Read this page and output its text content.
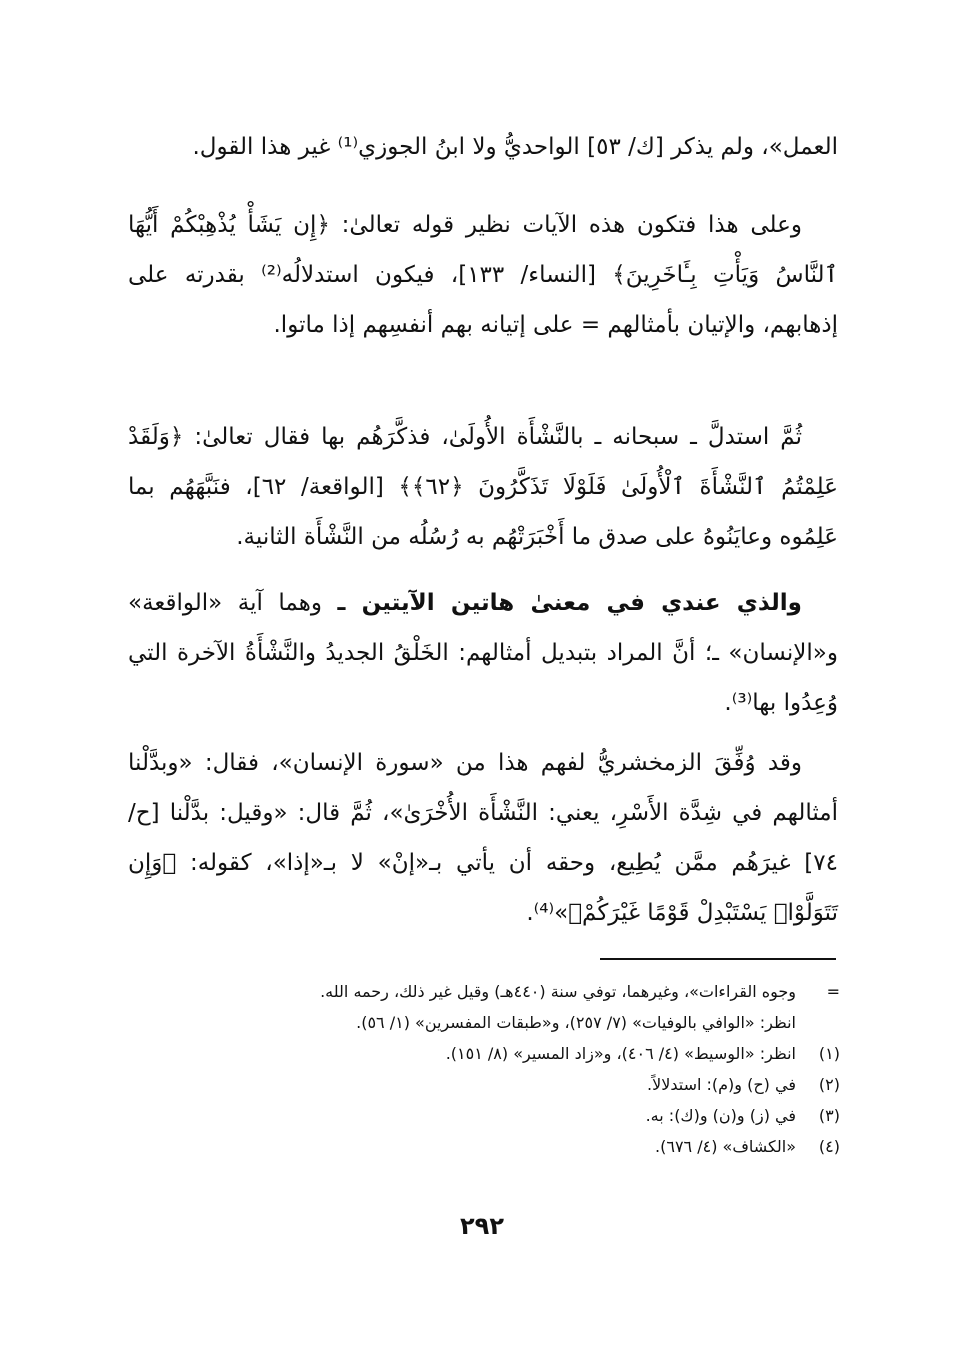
العمل»، ولم يذكر [ك/ ٥٣] الواحديُّ ولا ابنُ الجوزي⁽¹⁾ غير هذا القول.

وعلى هذا فتكون هذه الآيات نظير قوله تعالىٰ: ﴿إِن يَشَأْ يُذْهِبْكُمْ أَيُّهَا ٱلنَّاسُ وَيَأْتِ بِـَٔاخَرِينَ﴾ [النساء/ ١٣٣]، فيكون استدلالُه⁽²⁾ بقدرته على إذهابهم، والإتيان بأمثالهم = على إتيانه بهم أنفسِهم إذا ماتوا.

ثُمَّ استدلَّ ـ سبحانه ـ بالنَّشْأَة الأُولَىٰ، فذكَّرَهُم بها فقال تعالىٰ: ﴿وَلَقَدْ عَلِمْتُمُ ٱلنَّشْأَةَ ٱلْأُولَىٰ فَلَوْلَا تَذَكَّرُونَ ﴿٦٢﴾﴾ [الواقعة/ ٦٢]، فنَبَّهَهُم بما عَلِمُوه وعايَنُوهُ على صدق ما أَخْبَرَتْهُم به رُسُلُه من النَّشْأَة الثانية.

والذي عندي في معنىٰ هاتين الآيتين ـ وهما آية «الواقعة» و«الإنسان» ـ؛ أنَّ المراد بتبديل أمثالهم: الخَلْقُ الجديدُ والنَّشْأَةُ الآخرة التي وُعِدُوا بها⁽³⁾.

وقد وُفِّقَ الزمخشريُّ لفهم هذا من «سورة الإنسان»، فقال: «وبدَّلْنا أمثالهم في شِدَّة الأَسْرِ، يعني: النَّشْأَة الأُخْرَىٰ»، ثُمَّ قال: «وقيل: بدَّلْنا [ح/ ٧٤] غيرَهُم ممَّن يُطِيع، وحقه أن يأتي بـ«إنْ» لا بـ«إذا»، كقوله: ﴿وَإِن تَتَوَلَّوْا۟ يَسْتَبْدِلْ قَوْمًا غَيْرَكُمْ﴾»⁽⁴⁾.

=
وجوه القراءات»، وغيرهما، توفي سنة (٤٤٠هـ) وقيل غير ذلك، رحمه الله.
انظر: «الوافي بالوفيات» (٧/ ٢٥٧)، و«طبقات المفسرين» (١/ ٥٦).
(١)
انظر: «الوسيط» (٤/ ٤٠٦)، و«زاد المسير» (٨/ ١٥١).
(٢)
في (ح) و(م): استدلالاً.
(٣)
في (ز) و(ن) و(ك): به.
(٤)
«الكشاف» (٤/ ٦٧٦).
٢٩٢
